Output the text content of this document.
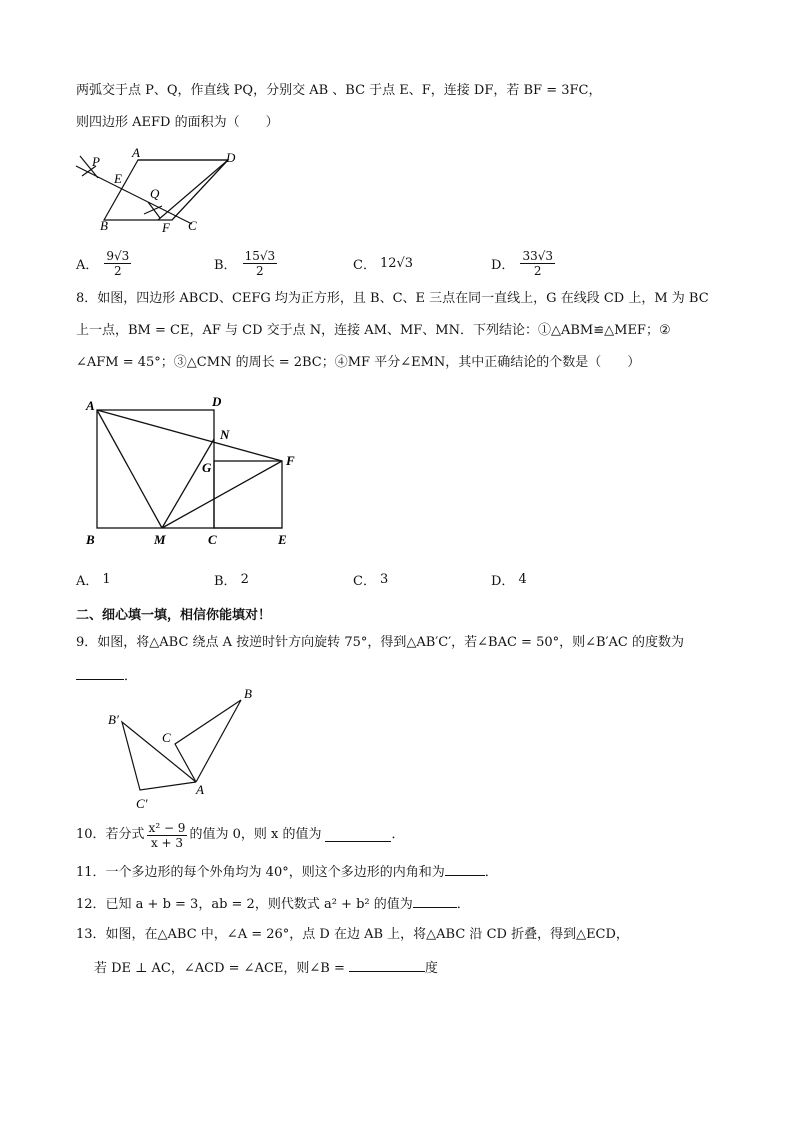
两弧交于点 P、Q，作直线 PQ，分别交 AB 、BC 于点 E、F，连接 DF，若 BF = 3FC，
则四边形 AEFD 的面积为（　　）
P
A	D
E
Q
B	F C
A． $\frac{9√3}{2}$	B． $\frac{15√3}{2}$	C． 12√3	D． $\frac{33√3}{2}$
8．如图，四边形 ABCD、CEFG 均为正方形，且 B、C、E 三点在同一直线上，G 在线段 CD 上，M 为 BC
上一点，BM = CE，AF 与 CD 交于点 N，连接 AM、MF、MN．下列结论：①△ABM≌△MEF；②
∠AFM = 45°；③△CMN 的周长 = 2BC；④MF 平分∠EMN，其中正确结论的个数是（　　）
A	D
N
G	F
B	M	C	E
A． 1	B． 2	C． 3	D． 4
二、细心填一填，相信你能填对！
9．如图，将△ABC 绕点 A 按逆时针方向旋转 75°，得到△AB′C′，若∠BAC = 50°，则∠B′AC 的度数为
．
B
B′
C
A
C′
10．若分式 $\frac{\text{x² − 9}}{x + 3}$ 的值为 0，则 x 的值为	．
11．一个多边形的每个外角均为 40°，则这个多边形的内角和为	．
12．已知 a + b = 3，ab = 2，则代数式 a² + b² 的值为	．
13．如图，在△ABC 中，∠A = 26°，点 D 在边 AB 上，将△ABC 沿 CD 折叠，得到△ECD，
若 DE ⊥ AC，∠ACD = ∠ACE，则∠B =	度
